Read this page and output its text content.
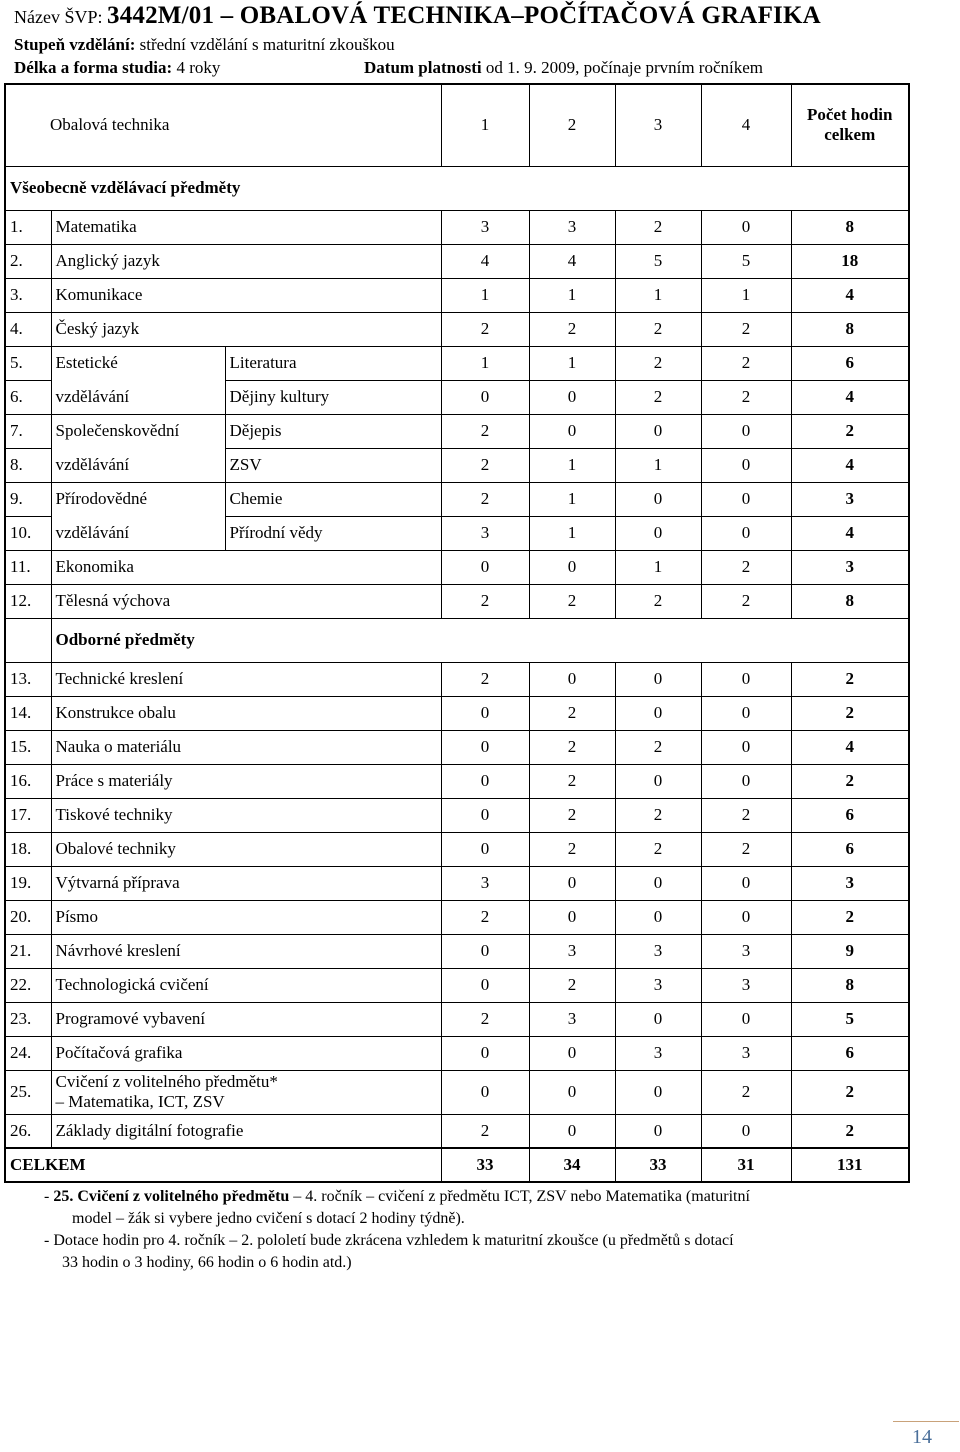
Název ŠVP: 3442M/01 – OBALOVÁ TECHNIKA–POČÍTAČOVÁ GRAFIKA
Stupeň vzdělání: střední vzdělání s maturitní zkouškou
Délka a forma studia: 4 roky	Datum platnosti od 1. 9. 2009, počínaje prvním ročníkem
Obalová technika			1	2	3	4	Počet hodin
celkem
Všeobecně vzdělávací předměty							
1.	Matematika		3	3	2	0	8
2.	Anglický jazyk		4	4	5	5	18
3.	Komunikace		1	1	1	1	4
4.	Český jazyk		2	2	2	2	8
5.	Estetické	Literatura	1	1	2	2	6
6.	vzdělávání	Dějiny kultury	0	0	2	2	4
7.	Společenskovědní	Dějepis	2	0	0	0	2
8.	vzdělávání	ZSV	2	1	1	0	4
9.	Přírodovědné	Chemie	2	1	0	0	3
10.	vzdělávání	Přírodní vědy	3	1	0	0	4
11.	Ekonomika		0	0	1	2	3
12.	Tělesná výchova		2	2	2	2	8
	Odborné předměty						
13.	Technické kreslení		2	0	0	0	2
14.	Konstrukce obalu		0	2	0	0	2
15.	Nauka o materiálu		0	2	2	0	4
16.	Práce s materiály		0	2	0	0	2
17.	Tiskové techniky		0	2	2	2	6
18.	Obalové techniky		0	2	2	2	6
19.	Výtvarná příprava		3	0	0	0	3
20.	Písmo		2	0	0	0	2
21.	Návrhové kreslení		0	3	3	3	9
22.	Technologická cvičení		0	2	3	3	8
23.	Programové vybavení		2	3	0	0	5
24.	Počítačová grafika		0	0	3	3	6
25.	Cvičení z volitelného předmětu*
– Matematika, ICT, ZSV		0	0	0	2	2
26.	Základy digitální fotografie		2	0	0	0	2
CELKEM			33	34	33	31	131

- 25. Cvičení z volitelného předmětu – 4. ročník – cvičení z předmětu ICT, ZSV nebo Matematika (maturitní

model – žák si vybere jedno cvičení s dotací 2 hodiny týdně).

- Dotace hodin pro 4. ročník – 2. pololetí bude zkrácena vzhledem k maturitní zkoušce (u předmětů s dotací

33 hodin o 3 hodiny, 66 hodin o 6 hodin atd.)

14
